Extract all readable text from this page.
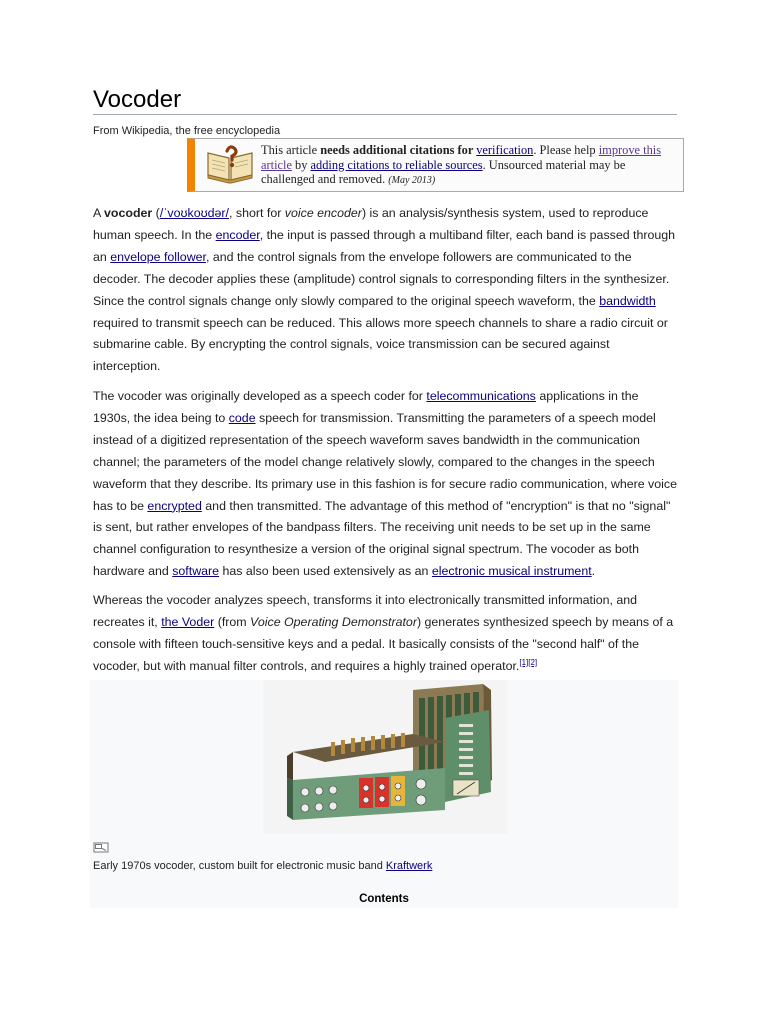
Vocoder
From Wikipedia, the free encyclopedia
This article needs additional citations for verification. Please help improve this article by adding citations to reliable sources. Unsourced material may be challenged and removed. (May 2013)

A vocoder (/ˈvoʊkoʊdər/, short for voice encoder) is an analysis/synthesis system, used to reproduce human speech. In the encoder, the input is passed through a multiband filter, each band is passed through an envelope follower, and the control signals from the envelope followers are communicated to the decoder. The decoder applies these (amplitude) control signals to corresponding filters in the synthesizer. Since the control signals change only slowly compared to the original speech waveform, the bandwidth required to transmit speech can be reduced. This allows more speech channels to share a radio circuit or submarine cable. By encrypting the control signals, voice transmission can be secured against interception.

The vocoder was originally developed as a speech coder for telecommunications applications in the 1930s, the idea being to code speech for transmission. Transmitting the parameters of a speech model instead of a digitized representation of the speech waveform saves bandwidth in the communication channel; the parameters of the model change relatively slowly, compared to the changes in the speech waveform that they describe. Its primary use in this fashion is for secure radio communication, where voice has to be encrypted and then transmitted. The advantage of this method of "encryption" is that no "signal" is sent, but rather envelopes of the bandpass filters. The receiving unit needs to be set up in the same channel configuration to resynthesize a version of the original signal spectrum. The vocoder as both hardware and software has also been used extensively as an electronic musical instrument.

Whereas the vocoder analyzes speech, transforms it into electronically transmitted information, and recreates it, the Voder (from Voice Operating Demonstrator) generates synthesized speech by means of a console with fifteen touch-sensitive keys and a pedal. It basically consists of the "second half" of the vocoder, but with manual filter controls, and requires a highly trained operator.[1][2]

Early 1970s vocoder, custom built for electronic music band Kraftwerk
Contents
